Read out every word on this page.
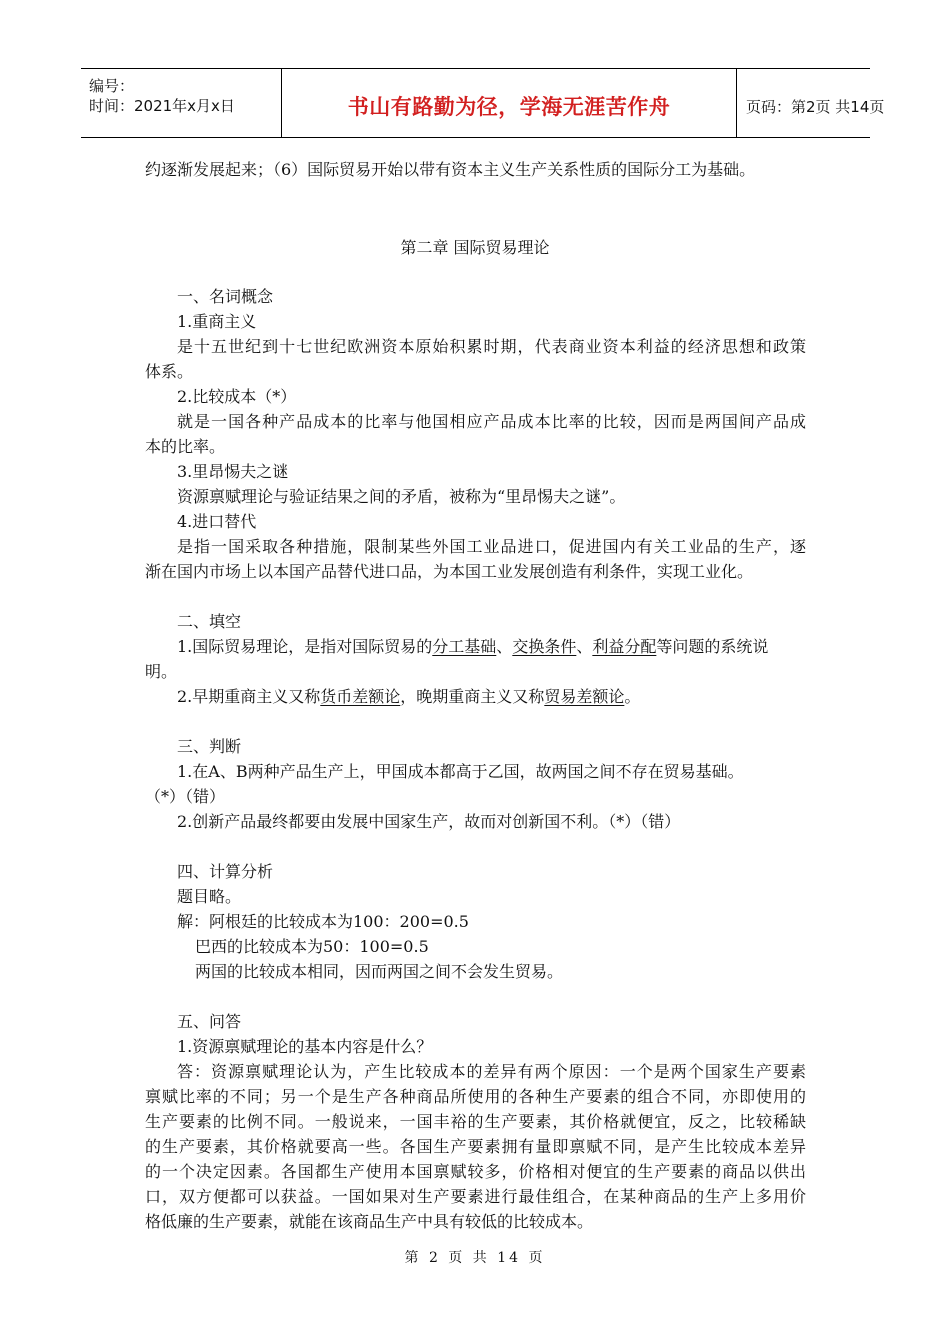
编号：
时间：2021年x月x日	书山有路勤为径，学海无涯苦作舟	页码：第2页 共14页
约逐渐发展起来；（6）国际贸易开始以带有资本主义生产关系性质的国际分工为基础。
第二章 国际贸易理论
一、名词概念
1.重商主义
是十五世纪到十七世纪欧洲资本原始积累时期，代表商业资本利益的经济思想和政策
体系。
2.比较成本（*）
就是一国各种产品成本的比率与他国相应产品成本比率的比较，因而是两国间产品成
本的比率。
3.里昂惕夫之谜
资源禀赋理论与验证结果之间的矛盾，被称为“里昂惕夫之谜”。
4.进口替代
是指一国采取各种措施，限制某些外国工业品进口，促进国内有关工业品的生产，逐
渐在国内市场上以本国产品替代进口品，为本国工业发展创造有利条件，实现工业化。
二、填空
1.国际贸易理论，是指对国际贸易的分工基础、交换条件、利益分配等问题的系统说
明。
2.早期重商主义又称货币差额论，晚期重商主义又称贸易差额论。
三、判断
1.在A、B两种产品生产上，甲国成本都高于乙国，故两国之间不存在贸易基础。
（*）（错）
2.创新产品最终都要由发展中国家生产，故而对创新国不利。（*）（错）
四、计算分析
题目略。
解：阿根廷的比较成本为100：200=0.5
巴西的比较成本为50：100=0.5
两国的比较成本相同，因而两国之间不会发生贸易。
五、问答
1.资源禀赋理论的基本内容是什么？
答：资源禀赋理论认为，产生比较成本的差异有两个原因：一个是两个国家生产要素
禀赋比率的不同；另一个是生产各种商品所使用的各种生产要素的组合不同，亦即使用的
生产要素的比例不同。一般说来，一国丰裕的生产要素，其价格就便宜，反之，比较稀缺
的生产要素，其价格就要高一些。各国生产要素拥有量即禀赋不同，是产生比较成本差异
的一个决定因素。各国都生产使用本国禀赋较多，价格相对便宜的生产要素的商品以供出
口，双方便都可以获益。一国如果对生产要素进行最佳组合，在某种商品的生产上多用价
格低廉的生产要素，就能在该商品生产中具有较低的比较成本。
第 2 页 共 14 页
